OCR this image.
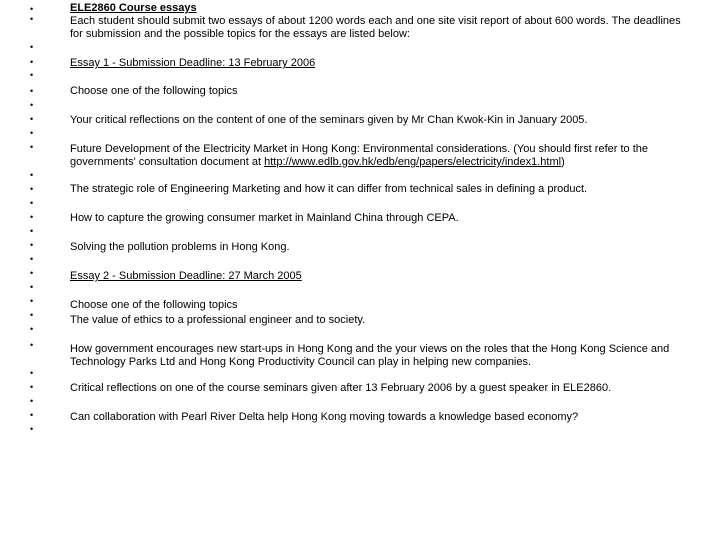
•
•
•
•
•
•
•
•
•
•
•
•
•
•
•
•
•
•
•
•
•
•
•
•
•
•
•
•

ELE2860 Course essays

Each student should submit two essays of about 1200 words each and one site visit report of about 600 words. The deadlines for submission and the possible topics for the essays are listed below:

Essay 1 - Submission Deadline: 13 February 2006

Choose one of the following topics

Your critical reflections on the content of one of the seminars given by Mr Chan Kwok-Kin in January 2005.

Future Development of the Electricity Market in Hong Kong: Environmental considerations. (You should first refer to the governments' consultation document at http://www.edlb.gov.hk/edb/eng/papers/electricity/index1.html)

The strategic role of Engineering Marketing and how it can differ from technical sales in defining a product.

How to capture the growing consumer market in Mainland China through CEPA.

Solving the pollution problems in Hong Kong.

Essay 2 - Submission Deadline: 27 March 2005

Choose one of the following topics

The value of ethics to a professional engineer and to society.

How government encourages new start-ups in Hong Kong and the your views on the roles that the Hong Kong Science and Technology Parks Ltd and Hong Kong Productivity Council can play in helping new companies.

Critical reflections on one of the course seminars given after 13 February 2006 by a guest speaker in ELE2860.

Can collaboration with Pearl River Delta help Hong Kong moving towards a knowledge based economy?
